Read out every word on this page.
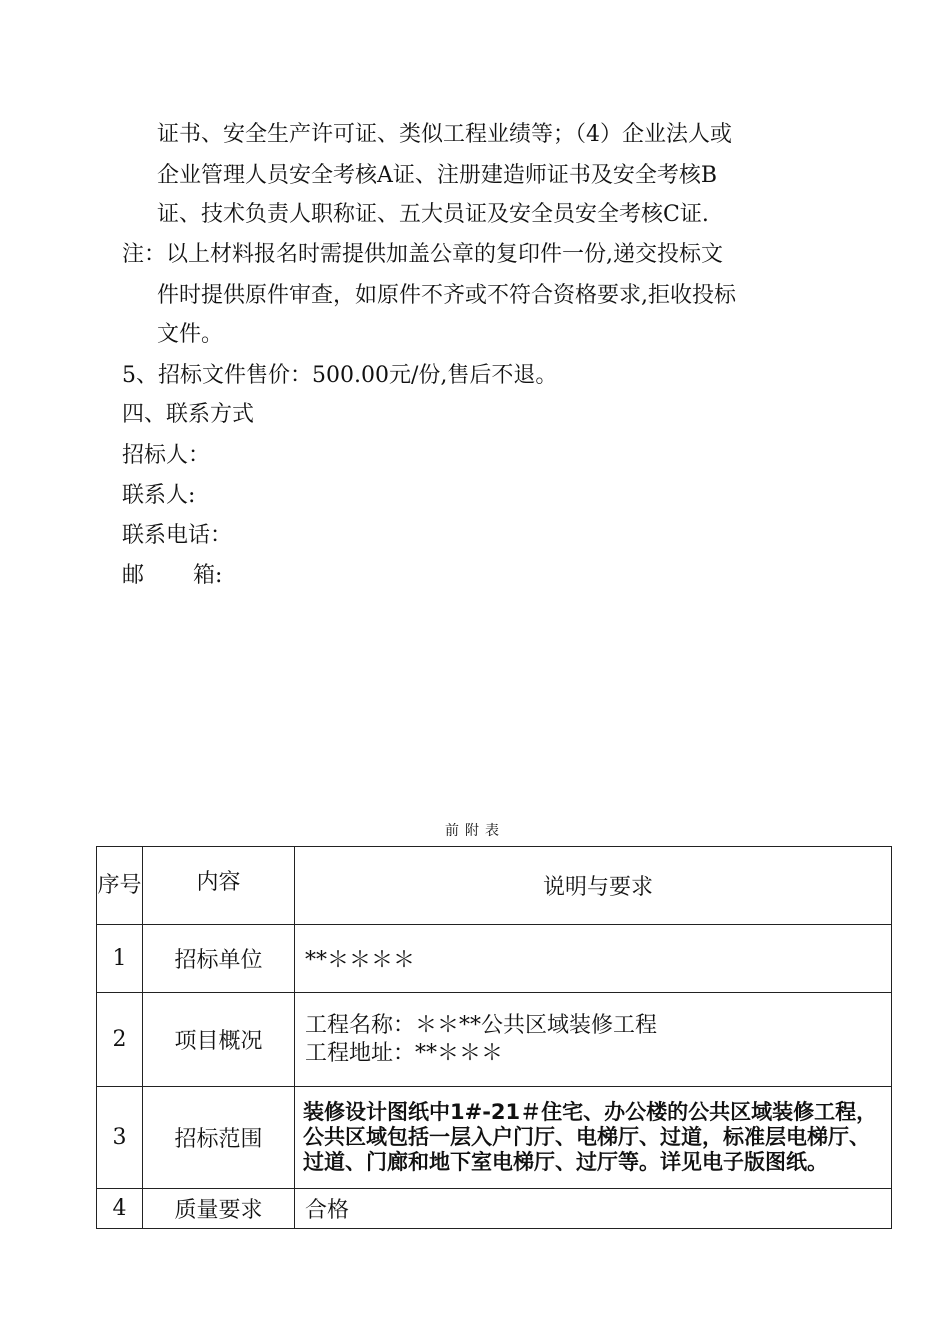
证书、安全生产许可证、类似工程业绩等；（4）企业法人或
企业管理人员安全考核A证、注册建造师证书及安全考核B
证、技术负责人职称证、五大员证及安全员安全考核C证.
注：以上材料报名时需提供加盖公章的复印件一份,递交投标文
件时提供原件审查，如原件不齐或不符合资格要求,拒收投标
文件。
5、招标文件售价：500.00元/份,售后不退。
四、联系方式
招标人：
联系人:
联系电话：
邮       箱:
前附表
序号	内容	说明与要求
1	招标单位	**＊＊＊＊
2	项目概况	工程名称：＊＊**公共区域装修工程
工程地址：**＊＊＊

3	招标范围	装修设计图纸中1#-21＃住宅、办公楼的公共区域装修工程，公共区域包括一层入户门厅、电梯厅、过道，标准层电梯厅、过道、门廊和地下室电梯厅、过厅等。详见电子版图纸。
4	质量要求	合格
